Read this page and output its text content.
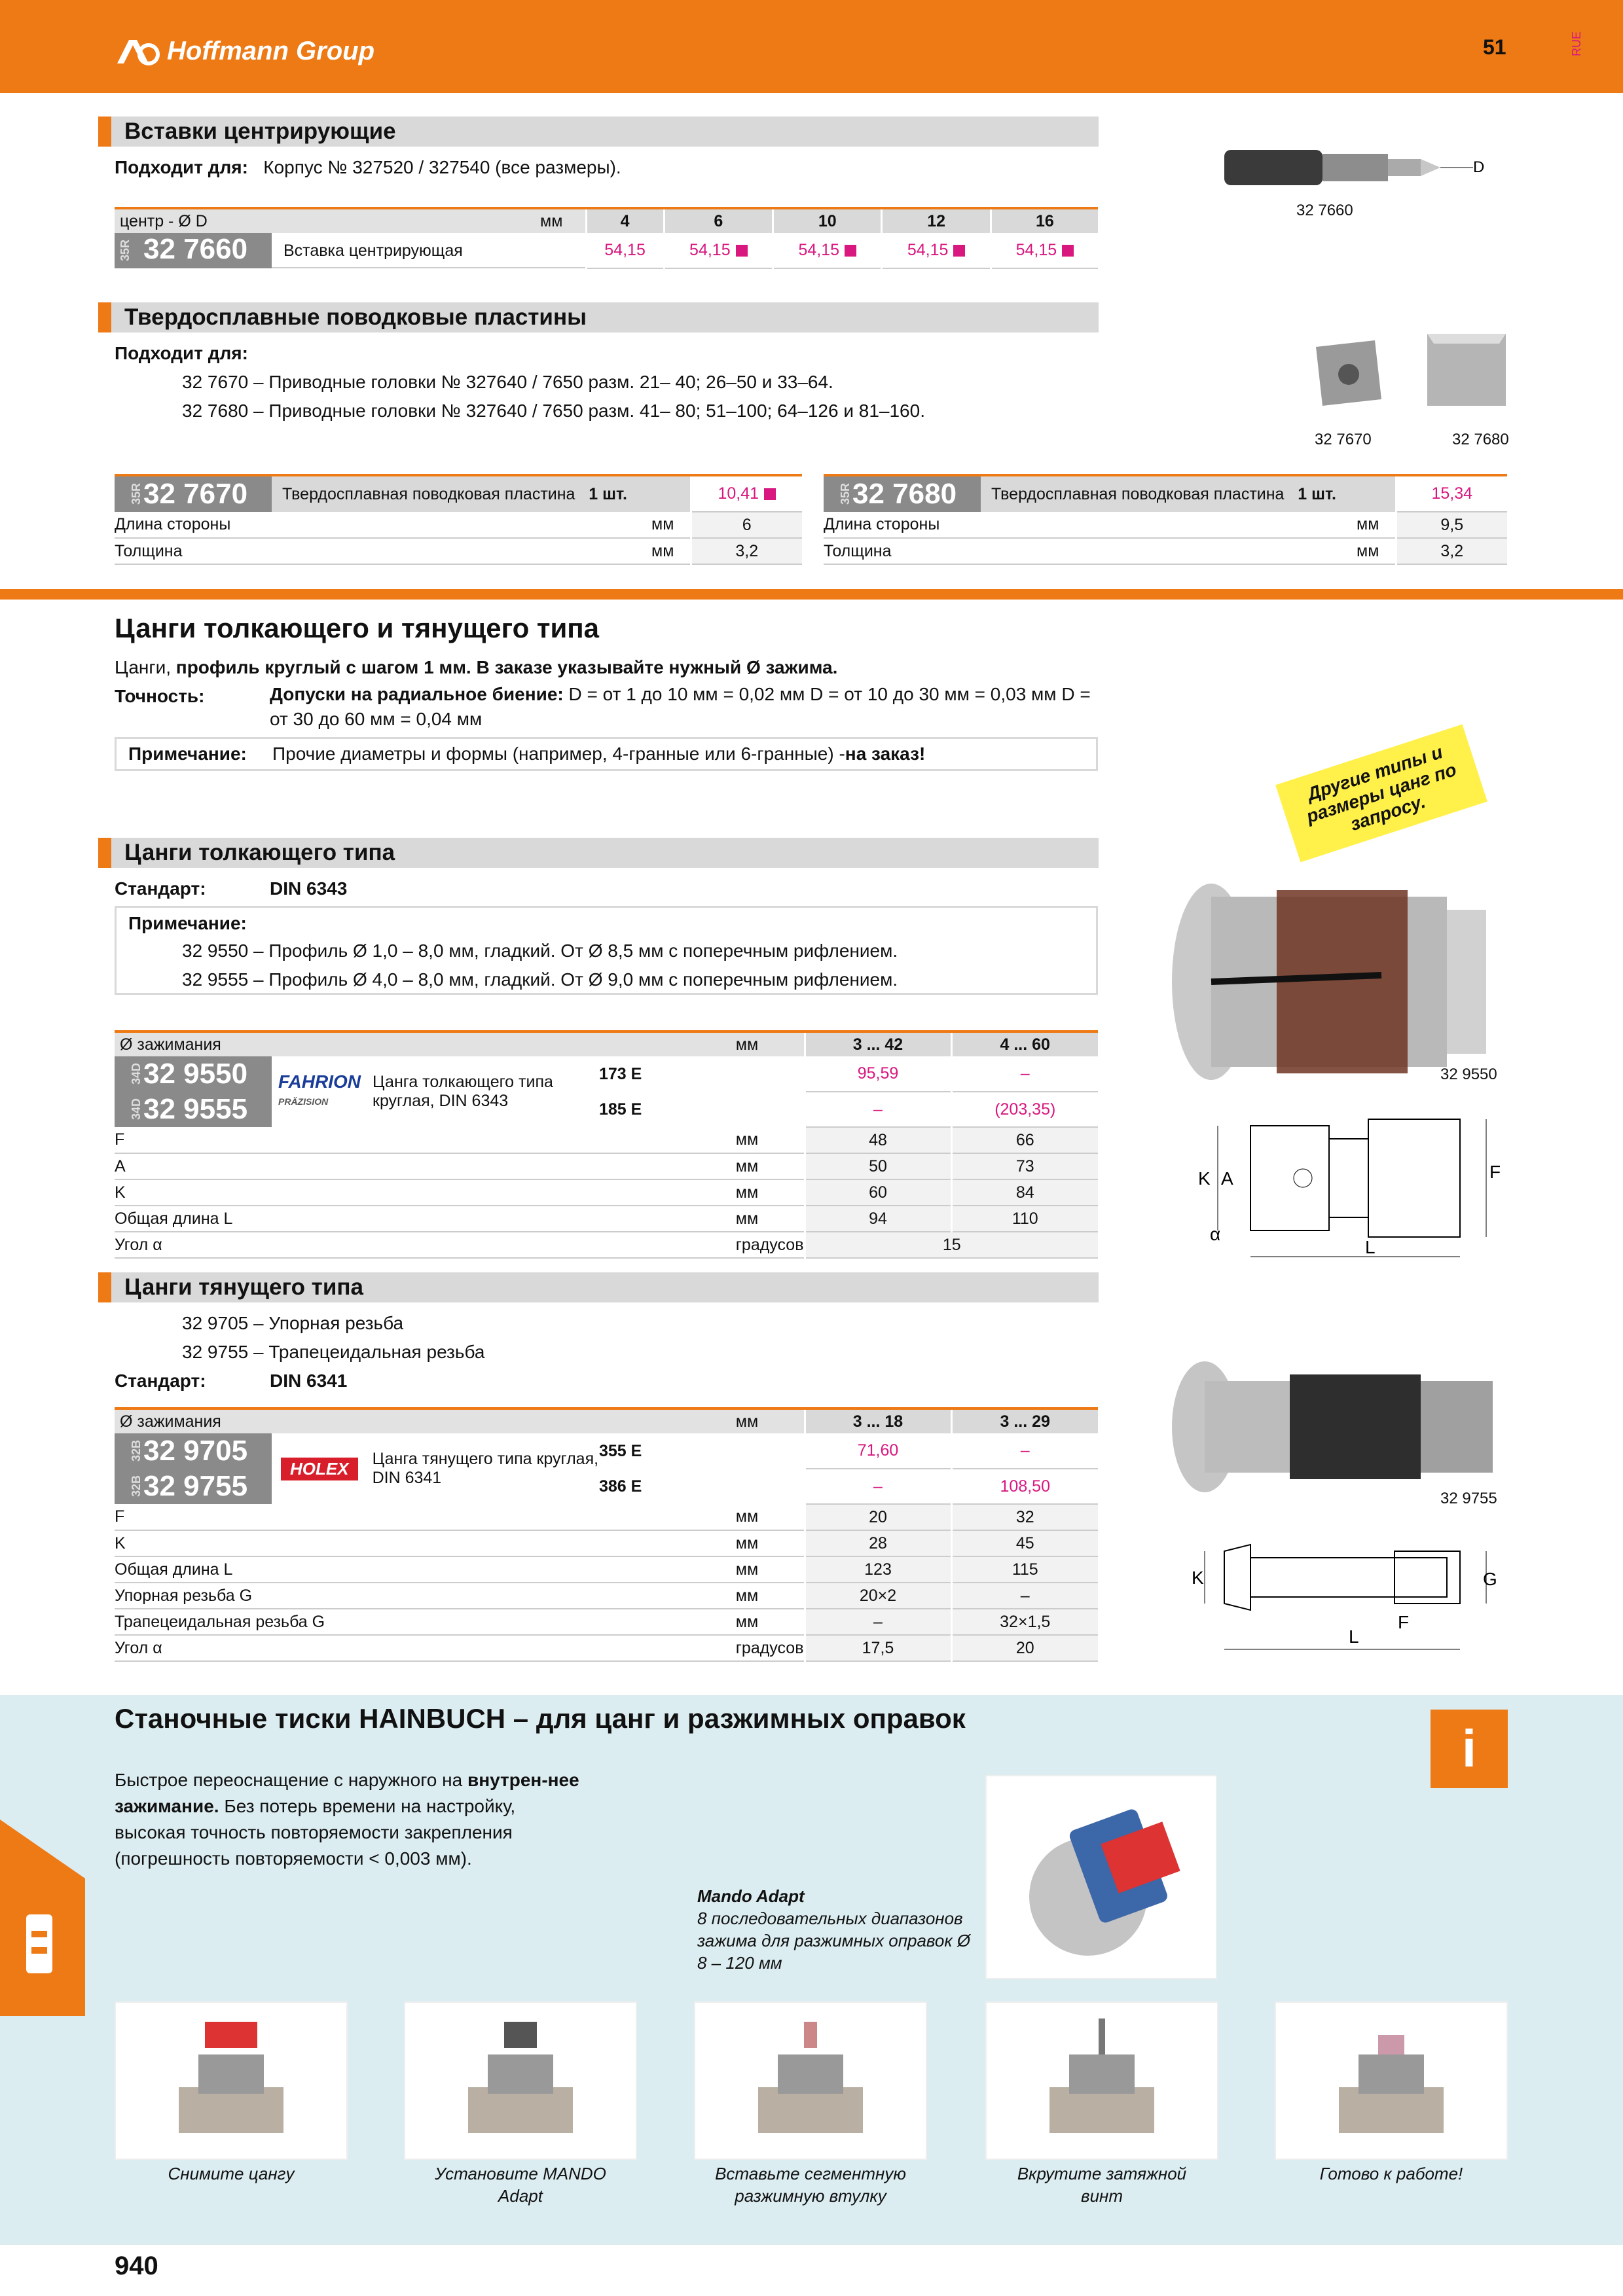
Hoffmann Group	51	RUE
Вставки центрирующие
Подходит для: Корпус № 327520 / 327540 (все размеры).
центр - Ø D	мм	4	6	10	12	16

35R 32 7660 Вставка центрирующая		54,15	54,15	54,15	54,15	54,15
D
32 7660
Твердосплавные поводковые пластины
Подходит для:
32 7670 – Приводные головки № 327640 / 7650 разм. 21– 40; 26–50 и 33–64.
32 7680 – Приводные головки № 327640 / 7650 разм. 41– 80; 51–100; 64–126 и 81–160.
32 7670	32 7680
35R 32 7670	Твердосплавная поводковая пластина 1 шт.		10,41
Длина стороны		мм	6
Толщина		мм	3,2
35R 32 7680	Твердосплавная поводковая пластина 1 шт.		15,34
Длина стороны		мм	9,5
Толщина		мм	3,2
Цанги толкающего и тянущего типа
Цанги, профиль круглый с шагом 1 мм. В заказе указывайте нужный Ø зажима.
Точность:	Допуски на радиальное биение: D = от 1 до 10 мм = 0,02 мм D = от 10 до 30 мм = 0,03 мм D = от 30 до 60 мм = 0,04 мм
Примечание:	Прочие диаметры и формы (например, 4-гранные или 6-гранные) - на заказ!	Другие типы и размеры цанг по запросу.
Цанги толкающего типа
Стандарт:	DIN 6343
Примечание:
32 9550 – Профиль Ø 1,0 – 8,0 мм, гладкий. От Ø 8,5 мм с поперечным рифлением.
32 9555 – Профиль Ø 4,0 – 8,0 мм, гладкий. От Ø 9,0 мм с поперечным рифлением.
Ø зажимания			мм	3 ... 42	4 ... 60

34D 32 9550	FAHRION
PRÄZISION
Цанга толкающего типа круглая, DIN 6343	173 E		95,59	–

34D 32 9555		185 E		–	(203,35)
F			мм	48	66
A			мм	50	73
K			мм	60	84
Общая длина L			мм	94	110
Угол α			градусов	15	
32 9550
K A	F
L
α
Цанги тянущего типа
32 9705 – Упорная резьба
32 9755 – Трапецеидальная резьба
Стандарт:	DIN 6341
Ø зажимания			мм	3 ... 18	3 ... 29

32B 32 9705	HOLEX Цанга тянущего типа круглая, DIN 6341	355 E		71,60	–

32B 32 9755		386 E		–	108,50
F			мм	20	32
K			мм	28	45
Общая длина L			мм	123	115
Упорная резьба G			мм	20×2	–
Трапецеидальная резьба G			мм	–	32×1,5
Угол α			градусов	17,5	20
32 9755
K	G
F
L
Станочные тиски HAINBUCH – для цанг и разжимных оправок
i
Быстрое переоснащение с наружного на внутрен-нее зажимание. Без потерь времени на настройку, высокая точность повторяемости закрепления (погрешность повторяемости < 0,003 мм).
Mando Adapt
8 последовательных диапазонов зажима для разжимных оправок Ø 8 – 120 мм
Снимите цангу	Установите MANDO Adapt
Вставьте сегментную разжимную втулку
Вкрутите затяжной винт
Готово к работе!
940
